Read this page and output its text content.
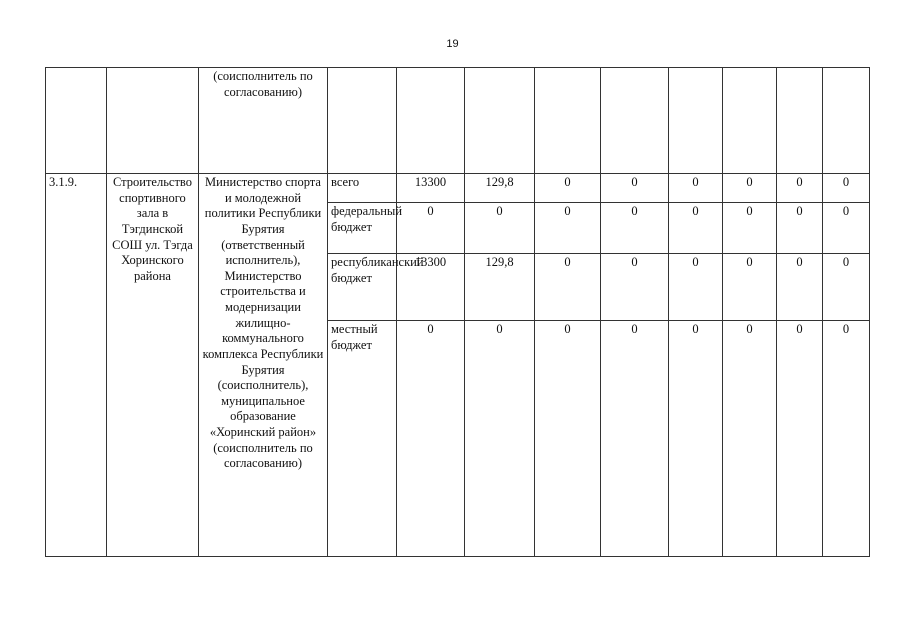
19
		(соисполнитель по согласованию)									
3.1.9.	Строительство спортивного зала в Тэгдинской СОШ ул. Тэгда Хоринского района	Министерство спорта и молодежной политики Республики Бурятия (ответственный исполнитель), Министерство строительства и модернизации жилищно-коммунального комплекса Республики Бурятия (соисполнитель), муниципальное образование «Хоринский район» (соисполнитель по согласованию)	всего	13300	129,8	0	0	0	0	0	0
			федеральный бюджет	0	0	0	0	0	0	0	0
			республиканский бюджет	13300	129,8	0	0	0	0	0	0
			местный бюджет	0	0	0	0	0	0	0	0
